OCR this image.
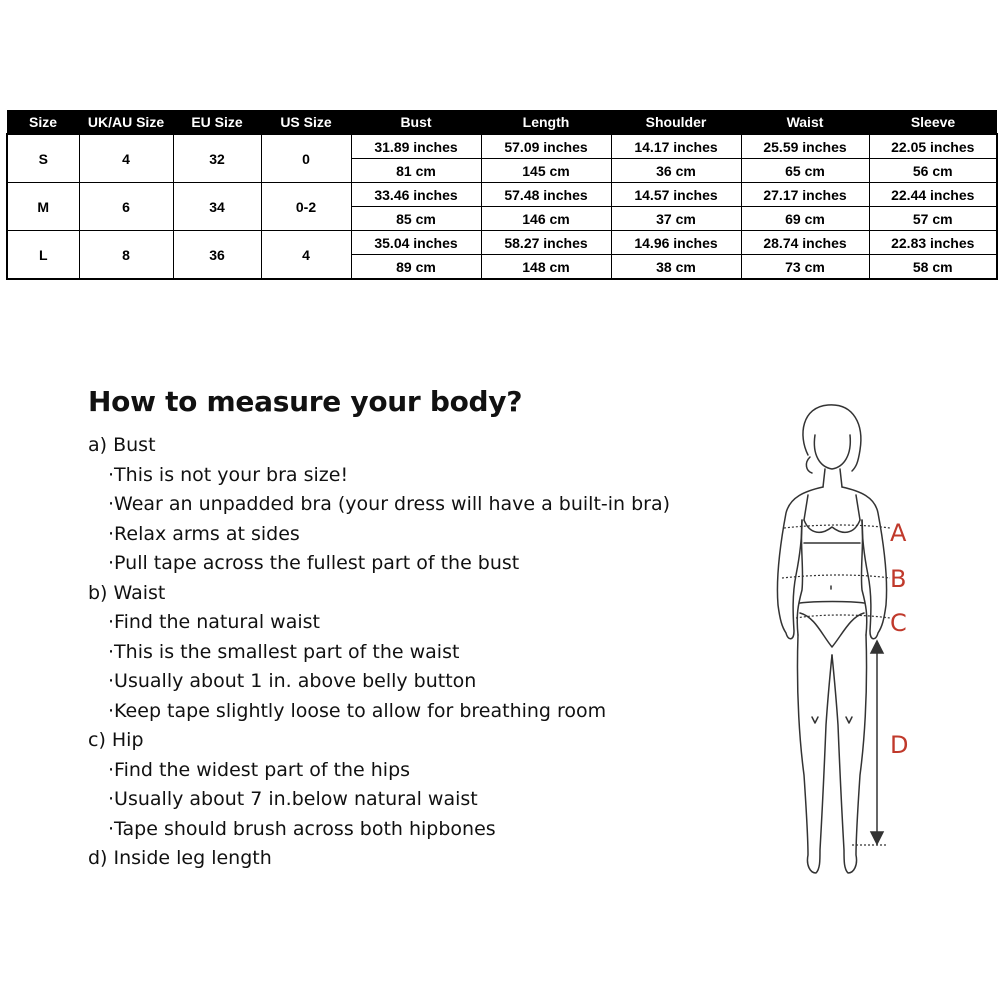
Size	UK/AU Size	EU Size	US Size	Bust	Length	Shoulder	Waist	Sleeve
S	4	32	0	31.89 inches	57.09 inches	14.17 inches	25.59 inches	22.05 inches
				81 cm	145 cm	36 cm	65 cm	56 cm
M	6	34	0-2	33.46 inches	57.48 inches	14.57 inches	27.17 inches	22.44 inches
				85 cm	146 cm	37 cm	69 cm	57 cm
L	8	36	4	35.04 inches	58.27 inches	14.96 inches	28.74 inches	22.83 inches
				89 cm	148 cm	38 cm	73 cm	58 cm
How to measure your body?

a) Bust

· This is not your bra size!
· Wear an unpadded bra (your dress will have a built-in bra)
· Relax arms at sides
· Pull tape across the fullest part of the bust

b) Waist

· Find the natural waist
· This is the smallest part of the waist
· Usually about 1 in. above belly button
· Keep tape slightly loose to allow for breathing room

c) Hip

· Find the widest part of the hips
· Usually about 7 in.below natural waist
· Tape should brush across both hipbones

d) Inside leg length

A
B
C
D
